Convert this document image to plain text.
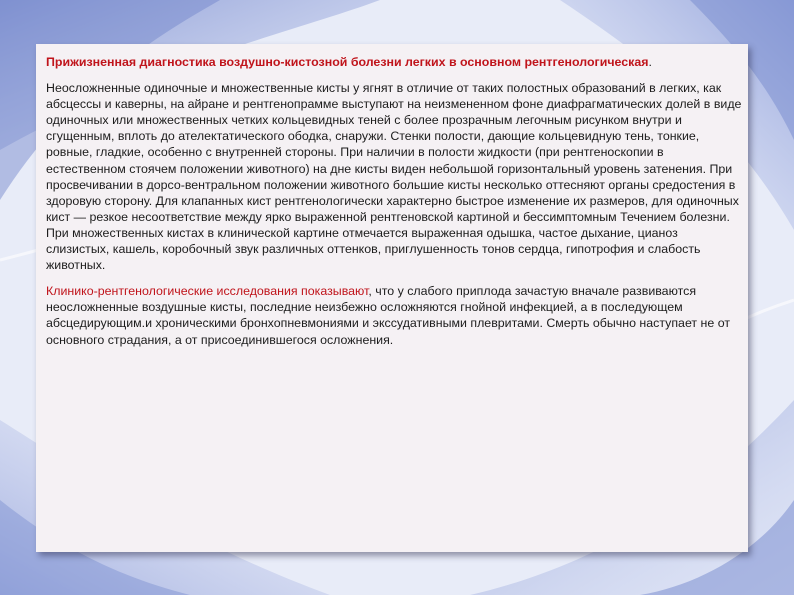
Прижизненная диагностика воздушно-кистозной болезни легких в основном рентгенологическая.

Неосложненные одиночные и множественные кисты у ягнят в отличие от таких полостных образований в легких, как абсцессы и каверны, на айране и рентгенопрамме выступают на неизмененном фоне диафрагматических долей в виде одиночных или множественных четких кольцевидных теней с более прозрачным легочным рисунком внутри и сгущенным, вплоть до ателектатического ободка, снаружи. Стенки полости, дающие кольцевидную тень, тонкие, ровные, гладкие, особенно с внутренней стороны. При наличии в полости жидкости (при рентгеноскопии в естественном стоячем положении животного) на дне кисты виден небольшой горизонтальный уровень затенения. При просвечивании в дорсо-вентральном положении животного большие кисты несколько оттесняют органы средостения в здоровую сторону. Для клапанных кист рентгенологически характерно быстрое изменение их размеров, для одиночных кист — резкое несоответствие между ярко выраженной рентгеновской картиной и бессимптомным Течением болезни. При множественных кистах в клинической картине отмечается выраженная одышка, частое дыхание, цианоз слизистых, кашель, коробочный звук различных оттенков, приглушенность тонов сердца, гипотрофия и слабость животных.

Клинико-рентгенологические исследования показывают, что у слабого приплода зачастую вначале развиваются неосложненные воздушные кисты, последние неизбежно осложняются гнойной инфекцией, а в последующем абсцедирующим.и хроническими бронхопневмониями и экссудативными плевритами. Смерть обычно наступает не от основного страдания, а от присоединившегося осложнения.
